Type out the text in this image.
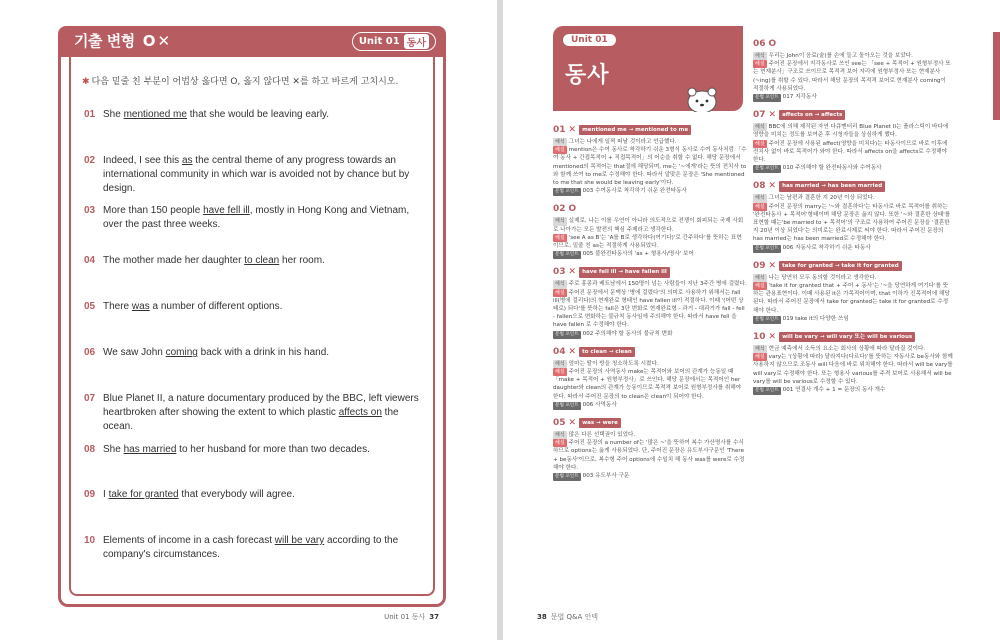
기출 변형 O✕	Unit 01 동사
✱ 다음 밑줄 친 부분이 어법상 옳다면 O, 옳지 않다면 ✕를 하고 바르게 고치시오.
01 She mentioned me that she would be leaving early.
02 Indeed, I see this as the central theme of any progress towards an international community in which war is avoided not by chance but by design.
03 More than 150 people have fell ill, mostly in Hong Kong and Vietnam, over the past three weeks.
04 The mother made her daughter to clean her room.
05 There was a number of different options.
06 We saw John coming back with a drink in his hand.
07 Blue Planet II, a nature documentary produced by the BBC, left viewers heartbroken after showing the extent to which plastic affects on the ocean.
08 She has married to her husband for more than two decades.
09 I take for granted that everybody will agree.
10 Elements of income in a cash forecast will be vary according to the company's circumstances.
Unit 01 동사 37
Unit 01
동사
01 ✕	mentioned me → mentioned to me
해석 그녀는 나에게 일찍 떠날 것이라고 언급했다.
해설 mention은 수여 동사로 착각하기 쉬운 3형식 동사로 수여 동사처럼 「수여 동사 + 간접목적어 + 직접목적어」의 어순을 취할 수 없다. 해당 문장에서 mentioned의 목적어는 that절에 해당되며, me는 '~에게'라는 뜻의 전치사 to와 함께 쓰여 to me로 수정해야 한다. 따라서 알맞은 문장은 'She mentioned to me that she would be leaving early'이다.
문법 포인트 003 수여동사로 착각하기 쉬운 완전타동사
02 O
해석 실제로, 나는 이를 우연이 아니라 의도적으로 전쟁이 회피되는 국제 사회로 나아가는 모든 발전의 핵심 주제라고 생각한다.
해설 'see A as B'는 'A를 B로 생각하다(여기다)'로 간주하다'를 뜻하는 표현이므로, 밑줄 친 as는 적절하게 사용되었다.
문법 포인트 005 불완전타동사의 'as + 형용사/명사' 보어
03 ✕	have fell ill → have fallen ill
해석 주로 홍콩과 베트남에서 150명이 넘는 사람들이 지난 3주간 병에 걸렸다.
해설 주어진 문장에서 문맥상 '병에 걸렸다'의 의미로 사용하기 위해서는 fall ill(병에 걸리다)의 현재완료 형태인 have fallen ill이 적절하다. 이때 '(어떤 상태로) 되다'를 뜻하는 fall은 3단 변화로 현재완료형 - 과거 - 대과거가 fall - fell - fallen으로 변화하는 불규칙 동사임에 주의해야 한다. 따라서 have fell 을 have fallen 로 수정해야 한다.
문법 포인트 002 주의해야 할 동사의 불규칙 변화
04 ✕	to clean → clean
해석 엄마는 딸이 방을 청소하도록 시켰다.
해설 주어진 문장의 사역동사 make는 목적어와 보어의 관계가 능동일 때 「make + 목적어 + 원형부정사」로 쓰인다. 해당 문장에서는 목적어인 her daughter와 clean의 관계가 능동이므로 목적격 보어로 원형부정사를 취해야 한다. 따라서 주어진 문장의 to clean은 clean이 되어야 한다.
문법 포인트 006 사역동사
05 ✕	was → were
해석 많은 다른 선택권이 있었다.
해설 주어진 문장의 a number of는 '많은 ~'을 뜻하여 복수 가산명사를 수식하므로 options는 옳게 사용되었다. 단, 주어진 문장은 유도부사구문인 'There + be동사'이므로, 복수형 주어 options에 수일치 해 동사 was를 were로 수정해야 한다.
문법 포인트 003 유도부사 구문
06 O
해석 우리는 John이 음료(술)를 손에 들고 돌아오는 것을 보았다.
해설 주어진 문장에서 지각동사로 쓰인 see는 「see + 목적어 + 원형부정사 또는 현재분사」구조로 쓰이므로 목적격 보어 자리에 원형부정사 또는 현재분사(~ing)를 취할 수 있다. 따라서 해당 문장의 목적격 보어로 현재분사 coming이 적절하게 사용되었다.
문법 포인트 017 지각동사
07 ✕	affects on → affects
해석 BBC에 의해 제작된 자연 다큐멘터리 Blue Planet II는 플라스틱이 바다에 영향을 미치는 정도를 보여준 후 시청자들을 상심하게 했다.
해설 주어진 문장에 사용된 affect(영향을 미치다)는 타동사이므로 바로 이후에 전치사 없이 바로 목적어가 와야 한다. 따라서 affects on을 affects로 수정해야 한다.
문법 포인트 010 주의해야 할 완전타동사와 수여동사
08 ✕	has married → has been married
해석 그녀는 남편과 결혼한 지 20년 이상 되었다.
해설 주어진 문장의 marry는 '~와 결혼하다'는 타동사로 바로 목적어를 취하는 '완전타동사 + 목적어'형태이며 해당 문장은 옳지 않다. 또한 '~와 결혼한 상태'를 표현할 때는'be married to + 목적어'의 구조로 사용하여 주어진 문장을 '결혼한 지 20년 이상 되었다'는 의미로는 완료시제로 써야 한다. 따라서 주어진 문장의 has married는 has been married로 수정해야 한다.
문법 포인트 006 자동사로 착각하기 쉬운 타동사
09 ✕	take for granted → take it for granted
해석 나는 당연히 모두 동의할 것이라고 생각한다.
해설 'take it for granted that + 주어 + 동사'는 '~을 당연하게 여기다'를 뜻하는 관용표현이다. 이때 사용된 it은 가목적어이며, that 이하가 진목적어에 해당된다. 따라서 주어진 문장에서 take for granted는 take it for granted로 수정해야 한다.
문법 포인트 019 take it의 다양한 쓰임
10 ✕	will be vary → will vary 또는 will be various
해석 현금 예측에서 소득의 요소는 회사의 상황에 따라 달라질 것이다.
해설 vary는 '(상황에 따라) 달라지다(다르다)'를 뜻하는 자동사로 be동사와 함께 사용하지 않으므로 조동사 will 다음에 바로 위치해야 한다. 따라서 will be vary를 will vary로 수정해야 한다. 또는 형용사 various를 주격 보어로 사용해서 will be vary를 will be various로 수정할 수 있다.
문법 포인트 001 연결사 개수 + 1 = 문장의 동사 개수
38 문법 Q&A 인덱
